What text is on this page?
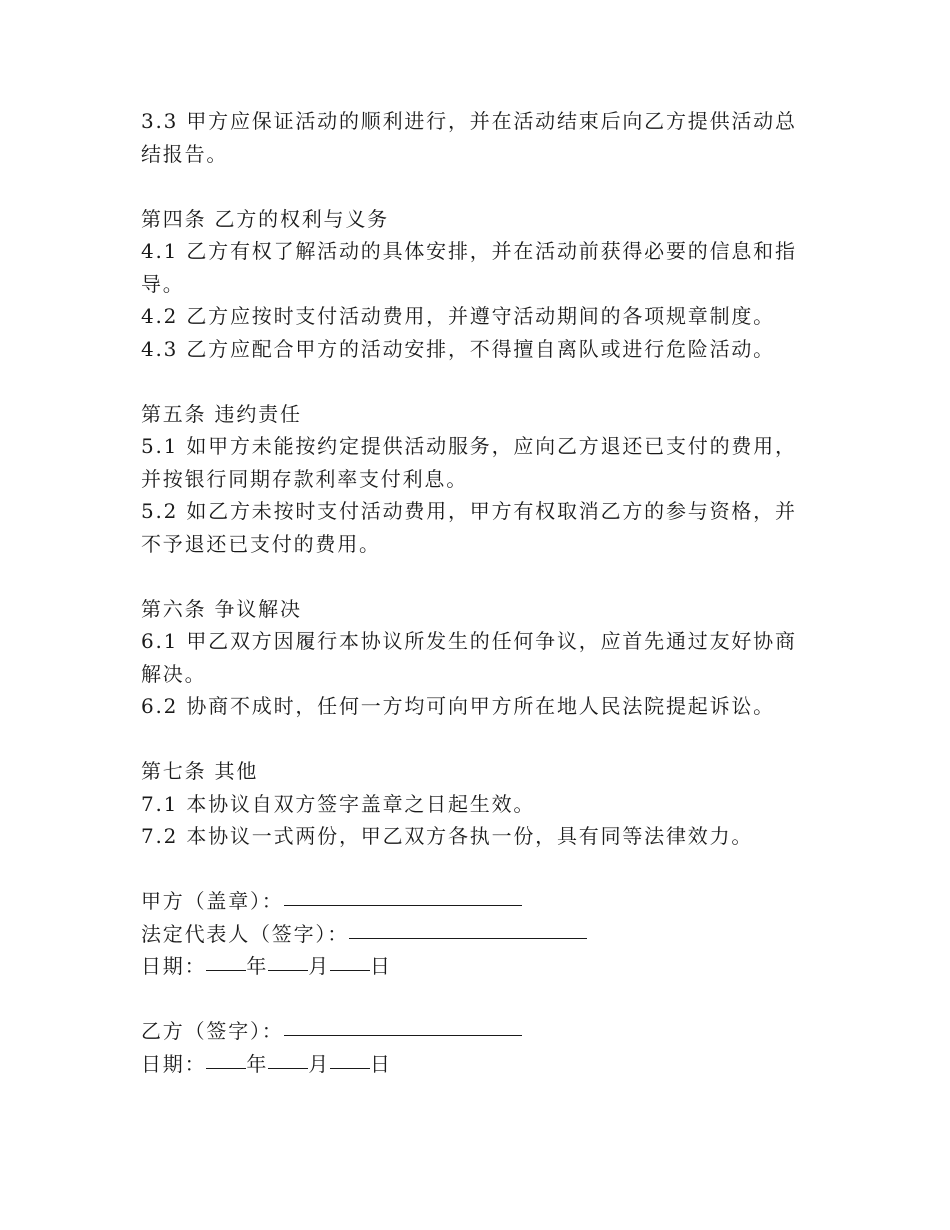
3.3 甲方应保证活动的顺利进行，并在活动结束后向乙方提供活动总结报告。

第四条 乙方的权利与义务

4.1 乙方有权了解活动的具体安排，并在活动前获得必要的信息和指导。

4.2 乙方应按时支付活动费用，并遵守活动期间的各项规章制度。

4.3 乙方应配合甲方的活动安排，不得擅自离队或进行危险活动。

第五条 违约责任

5.1 如甲方未能按约定提供活动服务，应向乙方退还已支付的费用，并按银行同期存款利率支付利息。

5.2 如乙方未按时支付活动费用，甲方有权取消乙方的参与资格，并不予退还已支付的费用。

第六条 争议解决

6.1 甲乙双方因履行本协议所发生的任何争议，应首先通过友好协商解决。

6.2 协商不成时，任何一方均可向甲方所在地人民法院提起诉讼。

第七条 其他

7.1 本协议自双方签字盖章之日起生效。

7.2 本协议一式两份，甲乙双方各执一份，具有同等法律效力。

甲方（盖章）：

法定代表人（签字）：

日期： 年 月 日

乙方（签字）：

日期： 年 月 日
